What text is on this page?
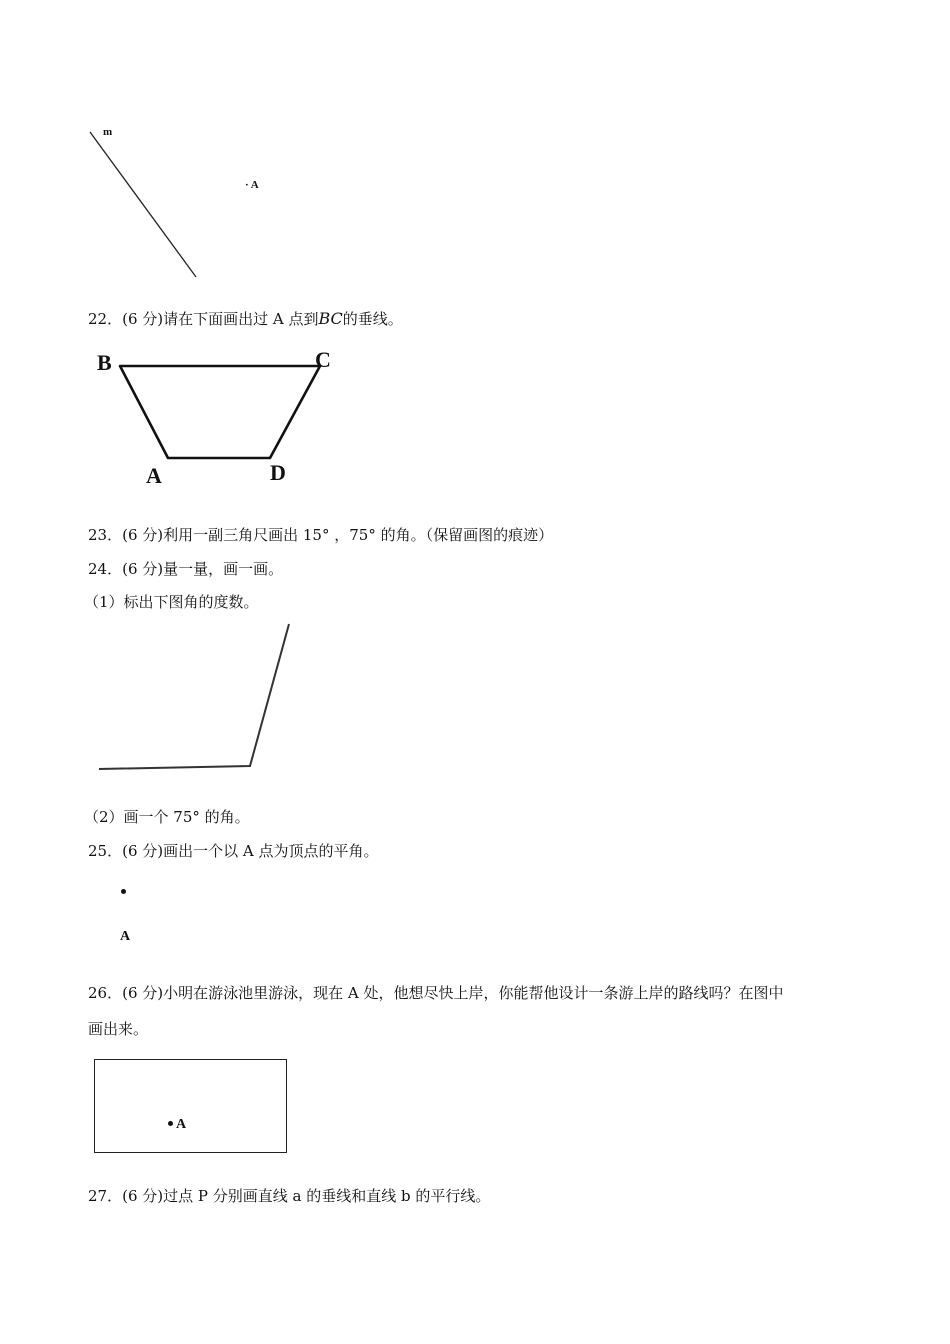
m
· A
22．(6 分)请在下面画出过 A 点到BC的垂线。
B	C
A	D
23．(6 分)利用一副三角尺画出 15° ，75° 的角。（保留画图的痕迹）
24．(6 分)量一量，画一画。
（1）标出下图角的度数。
（2）画一个 75° 的角。
25．(6 分)画出一个以 A 点为顶点的平角。
A
26．(6 分)小明在游泳池里游泳，现在 A 处，他想尽快上岸，你能帮他设计一条游上岸的路线吗？在图中
画出来。
A
27．(6 分)过点 P 分别画直线 a 的垂线和直线 b 的平行线。
